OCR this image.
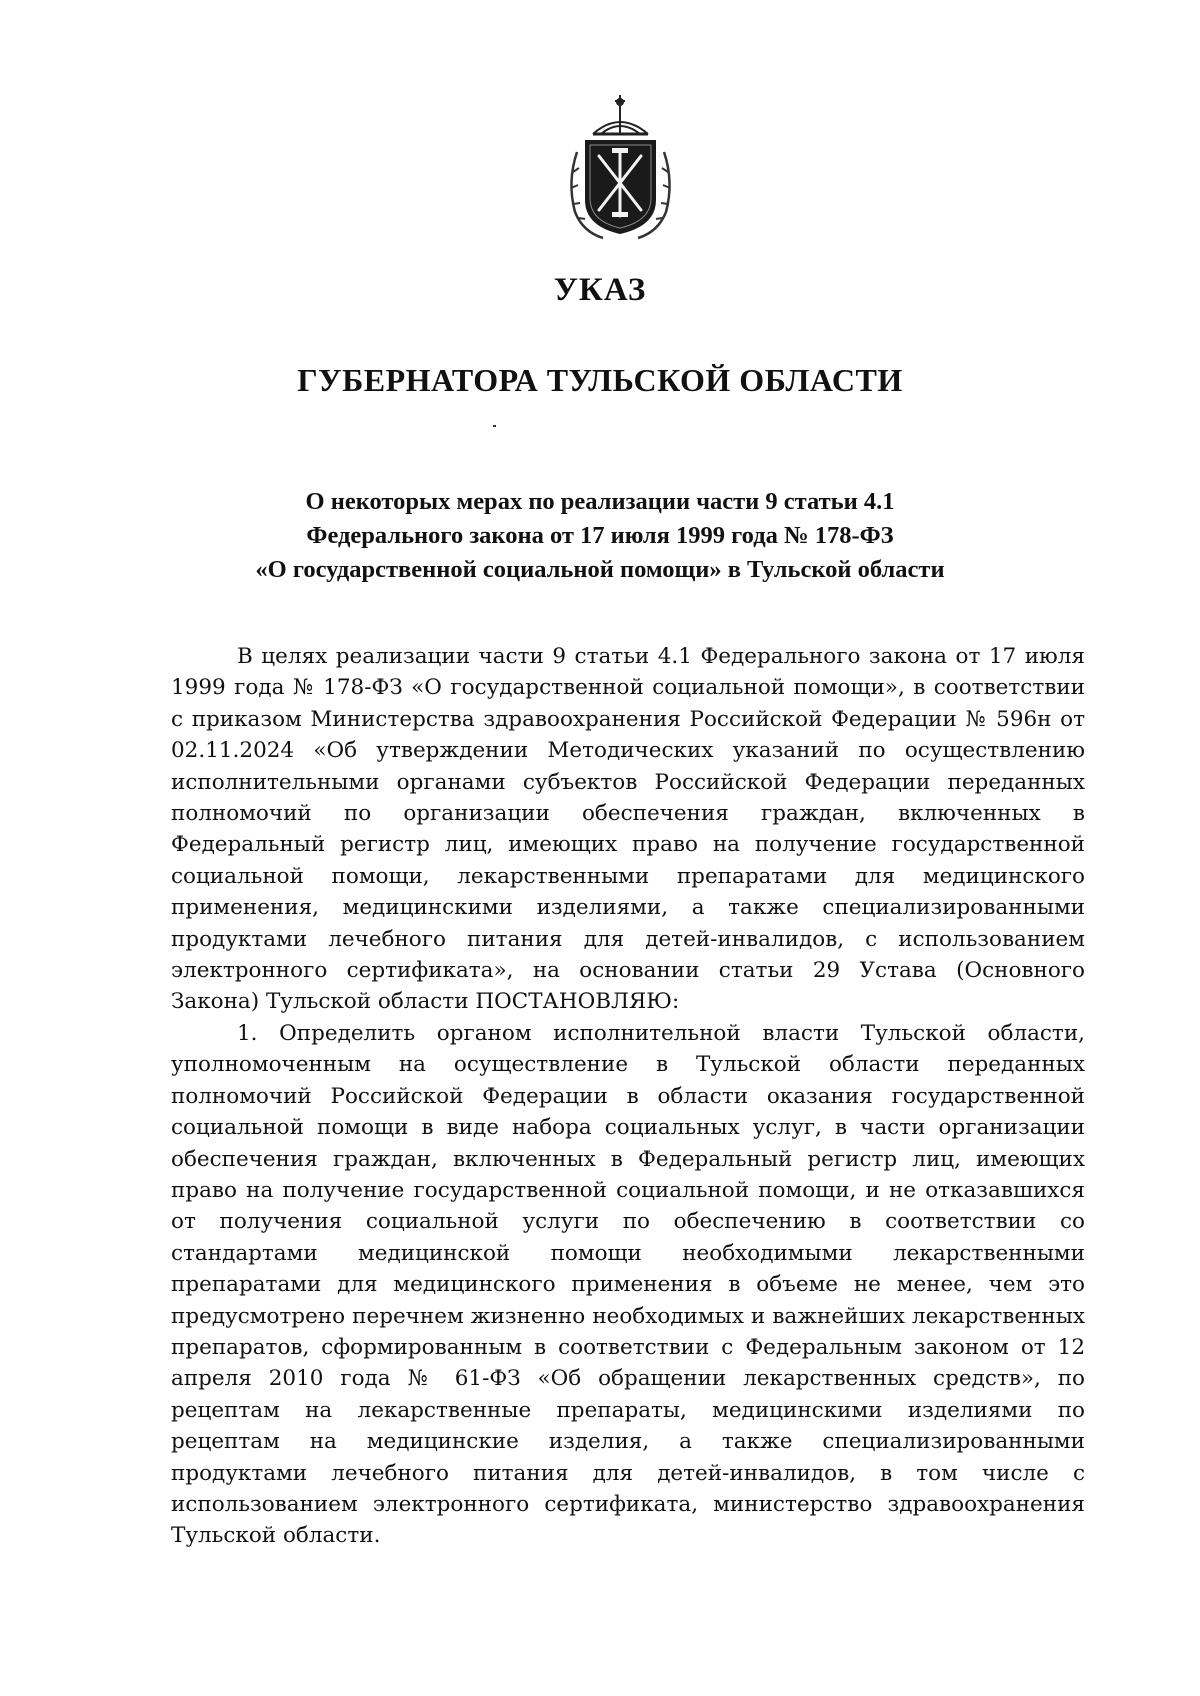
УКАЗ
ГУБЕРНАТОРА ТУЛЬСКОЙ ОБЛАСТИ
О некоторых мерах по реализации части 9 статьи 4.1
Федерального закона от 17 июля 1999 года № 178-ФЗ
«О государственной социальной помощи» в Тульской области

В целях реализации части 9 статьи 4.1 Федерального закона от 17 июля 1999 года № 178-ФЗ «О государственной социальной помощи», в соответствии с приказом Министерства здравоохранения Российской Федерации № 596н от 02.11.2024 «Об утверждении Методических указаний по осуществлению исполнительными органами субъектов Российской Федерации переданных полномочий по организации обеспечения граждан, включенных в Федеральный регистр лиц, имеющих право на получение государственной социальной помощи, лекарственными препаратами для медицинского применения, медицинскими изделиями, а также специализированными продуктами лечебного питания для детей-инвалидов, с использованием электронного сертификата», на основании статьи 29 Устава (Основного Закона) Тульской области ПОСТАНОВЛЯЮ:

1. Определить органом исполнительной власти Тульской области, уполномоченным на осуществление в Тульской области переданных полномочий Российской Федерации в области оказания государственной социальной помощи в виде набора социальных услуг, в части организации обеспечения граждан, включенных в Федеральный регистр лиц, имеющих право на получение государственной социальной помощи, и не отказавшихся от получения социальной услуги по обеспечению в соответствии со стандартами медицинской помощи необходимыми лекарственными препаратами для медицинского применения в объеме не менее, чем это предусмотрено перечнем жизненно необходимых и важнейших лекарственных препаратов, сформированным в соответствии с Федеральным законом от 12 апреля 2010 года № 61-ФЗ «Об обращении лекарственных средств», по рецептам на лекарственные препараты, медицинскими изделиями по рецептам на медицинские изделия, а также специализированными продуктами лечебного питания для детей-инвалидов, в том числе с использованием электронного сертификата, министерство здравоохранения Тульской области.
